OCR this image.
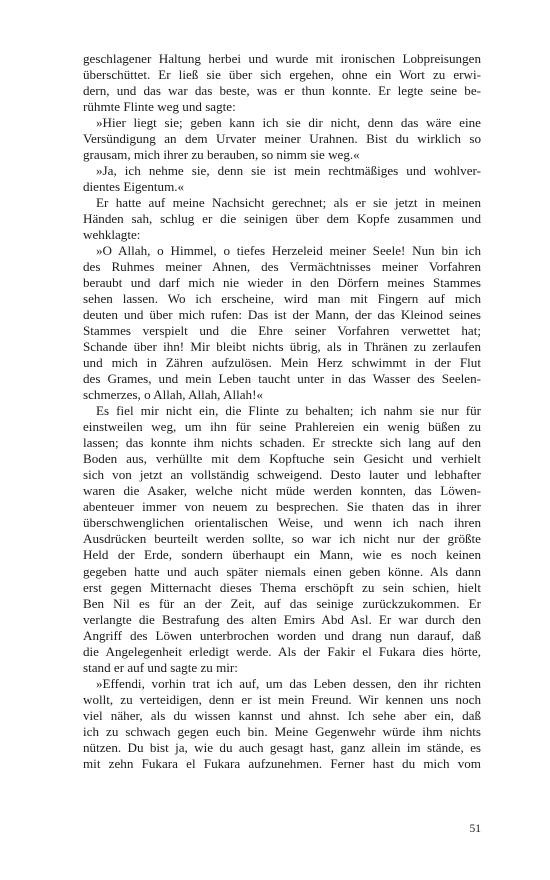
geschlagener Haltung herbei und wurde mit ironischen Lobpreisungen
überschüttet. Er ließ sie über sich ergehen, ohne ein Wort zu erwi-
dern, und das war das beste, was er thun konnte. Er legte seine be-
rühmte Flinte weg und sagte:
»Hier liegt sie; geben kann ich sie dir nicht, denn das wäre eine
Versündigung an dem Urvater meiner Urahnen. Bist du wirklich so
grausam, mich ihrer zu berauben, so nimm sie weg.«
»Ja, ich nehme sie, denn sie ist mein rechtmäßiges und wohlver-
dientes Eigentum.«
Er hatte auf meine Nachsicht gerechnet; als er sie jetzt in meinen
Händen sah, schlug er die seinigen über dem Kopfe zusammen und
wehklagte:
»O Allah, o Himmel, o tiefes Herzeleid meiner Seele! Nun bin ich
des Ruhmes meiner Ahnen, des Vermächtnisses meiner Vorfahren
beraubt und darf mich nie wieder in den Dörfern meines Stammes
sehen lassen. Wo ich erscheine, wird man mit Fingern auf mich
deuten und über mich rufen: Das ist der Mann, der das Kleinod seines
Stammes verspielt und die Ehre seiner Vorfahren verwettet hat;
Schande über ihn! Mir bleibt nichts übrig, als in Thränen zu zerlaufen
und mich in Zähren aufzulösen. Mein Herz schwimmt in der Flut
des Grames, und mein Leben taucht unter in das Wasser des Seelen-
schmerzes, o Allah, Allah, Allah!«
Es fiel mir nicht ein, die Flinte zu behalten; ich nahm sie nur für
einstweilen weg, um ihn für seine Prahlereien ein wenig büßen zu
lassen; das konnte ihm nichts schaden. Er streckte sich lang auf den
Boden aus, verhüllte mit dem Kopftuche sein Gesicht und verhielt
sich von jetzt an vollständig schweigend. Desto lauter und lebhafter
waren die Asaker, welche nicht müde werden konnten, das Löwen-
abenteuer immer von neuem zu besprechen. Sie thaten das in ihrer
überschwenglichen orientalischen Weise, und wenn ich nach ihren
Ausdrücken beurteilt werden sollte, so war ich nicht nur der größte
Held der Erde, sondern überhaupt ein Mann, wie es noch keinen
gegeben hatte und auch später niemals einen geben könne. Als dann
erst gegen Mitternacht dieses Thema erschöpft zu sein schien, hielt
Ben Nil es für an der Zeit, auf das seinige zurückzukommen. Er
verlangte die Bestrafung des alten Emirs Abd Asl. Er war durch den
Angriff des Löwen unterbrochen worden und drang nun darauf, daß
die Angelegenheit erledigt werde. Als der Fakir el Fukara dies hörte,
stand er auf und sagte zu mir:
»Effendi, vorhin trat ich auf, um das Leben dessen, den ihr richten
wollt, zu verteidigen, denn er ist mein Freund. Wir kennen uns noch
viel näher, als du wissen kannst und ahnst. Ich sehe aber ein, daß
ich zu schwach gegen euch bin. Meine Gegenwehr würde ihm nichts
nützen. Du bist ja, wie du auch gesagt hast, ganz allein im stände, es
mit zehn Fukara el Fukara aufzunehmen. Ferner hast du mich vom
51
